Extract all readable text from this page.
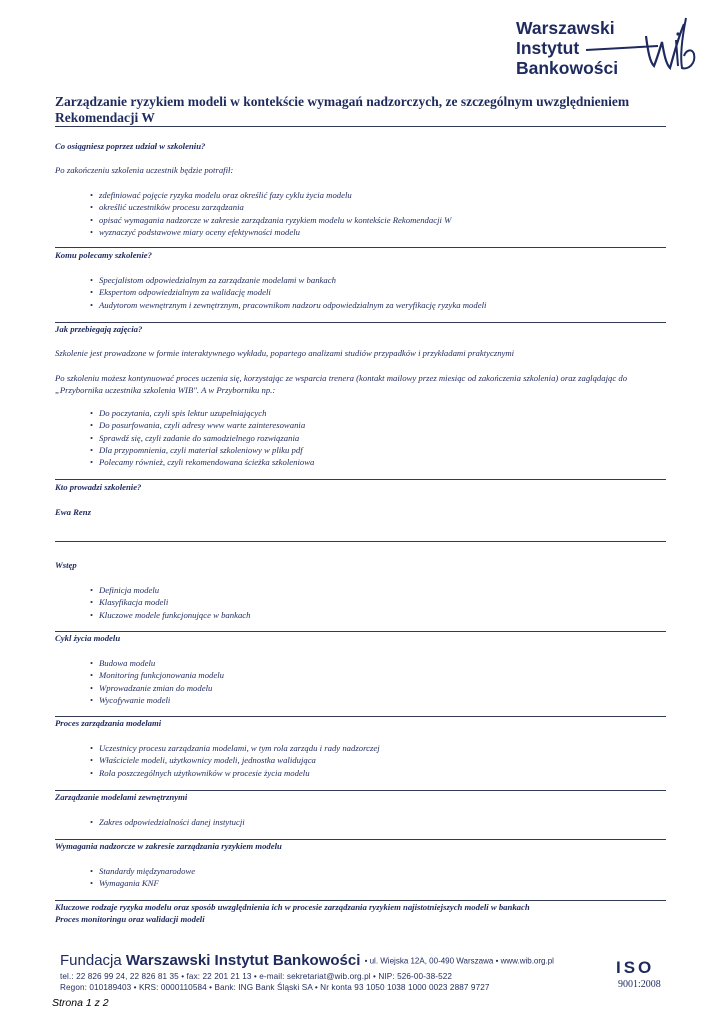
Warszawski
Instytut
Bankowości
Zarządzanie ryzykiem modeli w kontekście wymagań nadzorczych, ze szczególnym uwzględnieniem Rekomendacji W
Co osiągniesz poprzez udział w szkoleniu?
Po zakończeniu szkolenia uczestnik będzie potrafił:
• zdefiniować pojęcie ryzyka modelu oraz określić fazy cyklu życia modelu
• określić uczestników procesu zarządzania
• opisać wymagania nadzorcze w zakresie zarządzania ryzykiem modelu w kontekście Rekomendacji W
• wyznaczyć podstawowe miary oceny efektywności modelu
Komu polecamy szkolenie?
• Specjalistom odpowiedzialnym za zarządzanie modelami w bankach
• Ekspertom odpowiedzialnym za walidację modeli
• Audytorom wewnętrznym i zewnętrznym, pracownikom nadzoru odpowiedzialnym za weryfikację ryzyka modeli
Jak przebiegają zajęcia?
Szkolenie jest prowadzone w formie interaktywnego wykładu, popartego analizami studiów przypadków i przykładami praktycznymi
Po szkoleniu możesz kontynuować proces uczenia się, korzystając ze wsparcia trenera (kontakt mailowy przez miesiąc od zakończenia szkolenia) oraz zaglądając do „Przybornika uczestnika szkolenia WIB". A w Przyborniku np.:
• Do poczytania, czyli spis lektur uzupełniających
• Do posurfowania, czyli adresy www warte zainteresowania
• Sprawdź się, czyli zadanie do samodzielnego rozwiązania
• Dla przypomnienia, czyli materiał szkoleniowy w pliku pdf
• Polecamy również, czyli rekomendowana ścieżka szkoleniowa
Kto prowadzi szkolenie?
Ewa Renz
Wstęp
• Definicja modelu
• Klasyfikacja modeli
• Kluczowe modele funkcjonujące w bankach
Cykl życia modelu
• Budowa modelu
• Monitoring funkcjonowania modelu
• Wprowadzanie zmian do modelu
• Wycofywanie modeli
Proces zarządzania modelami
• Uczestnicy procesu zarządzania modelami, w tym rola zarządu i rady nadzorczej
• Właściciele modeli, użytkownicy modeli, jednostka walidująca
• Rola poszczególnych użytkowników w procesie życia modelu
Zarządzanie modelami zewnętrznymi
• Zakres odpowiedzialności danej instytucji
Wymagania nadzorcze w zakresie zarządzania ryzykiem modelu
• Standardy międzynarodowe
• Wymagania KNF
Kluczowe rodzaje ryzyka modelu oraz sposób uwzględnienia ich w procesie zarządzania ryzykiem najistotniejszych modeli w bankach
Proces monitoringu oraz walidacji modeli
Fundacja Warszawski Instytut Bankowości • ul. Wiejska 12A, 00-490 Warszawa • www.wib.org.pl
tel.: 22 826 99 24, 22 826 81 35 • fax: 22 201 21 13 • e-mail: sekretariat@wib.org.pl • NIP: 526-00-38-522
Regon: 010189403 • KRS: 0000110584 • Bank: ING Bank Śląski SA • Nr konta 93 1050 1038 1000 0023 2887 9727
ISO
9001:2008
Strona 1 z 2
